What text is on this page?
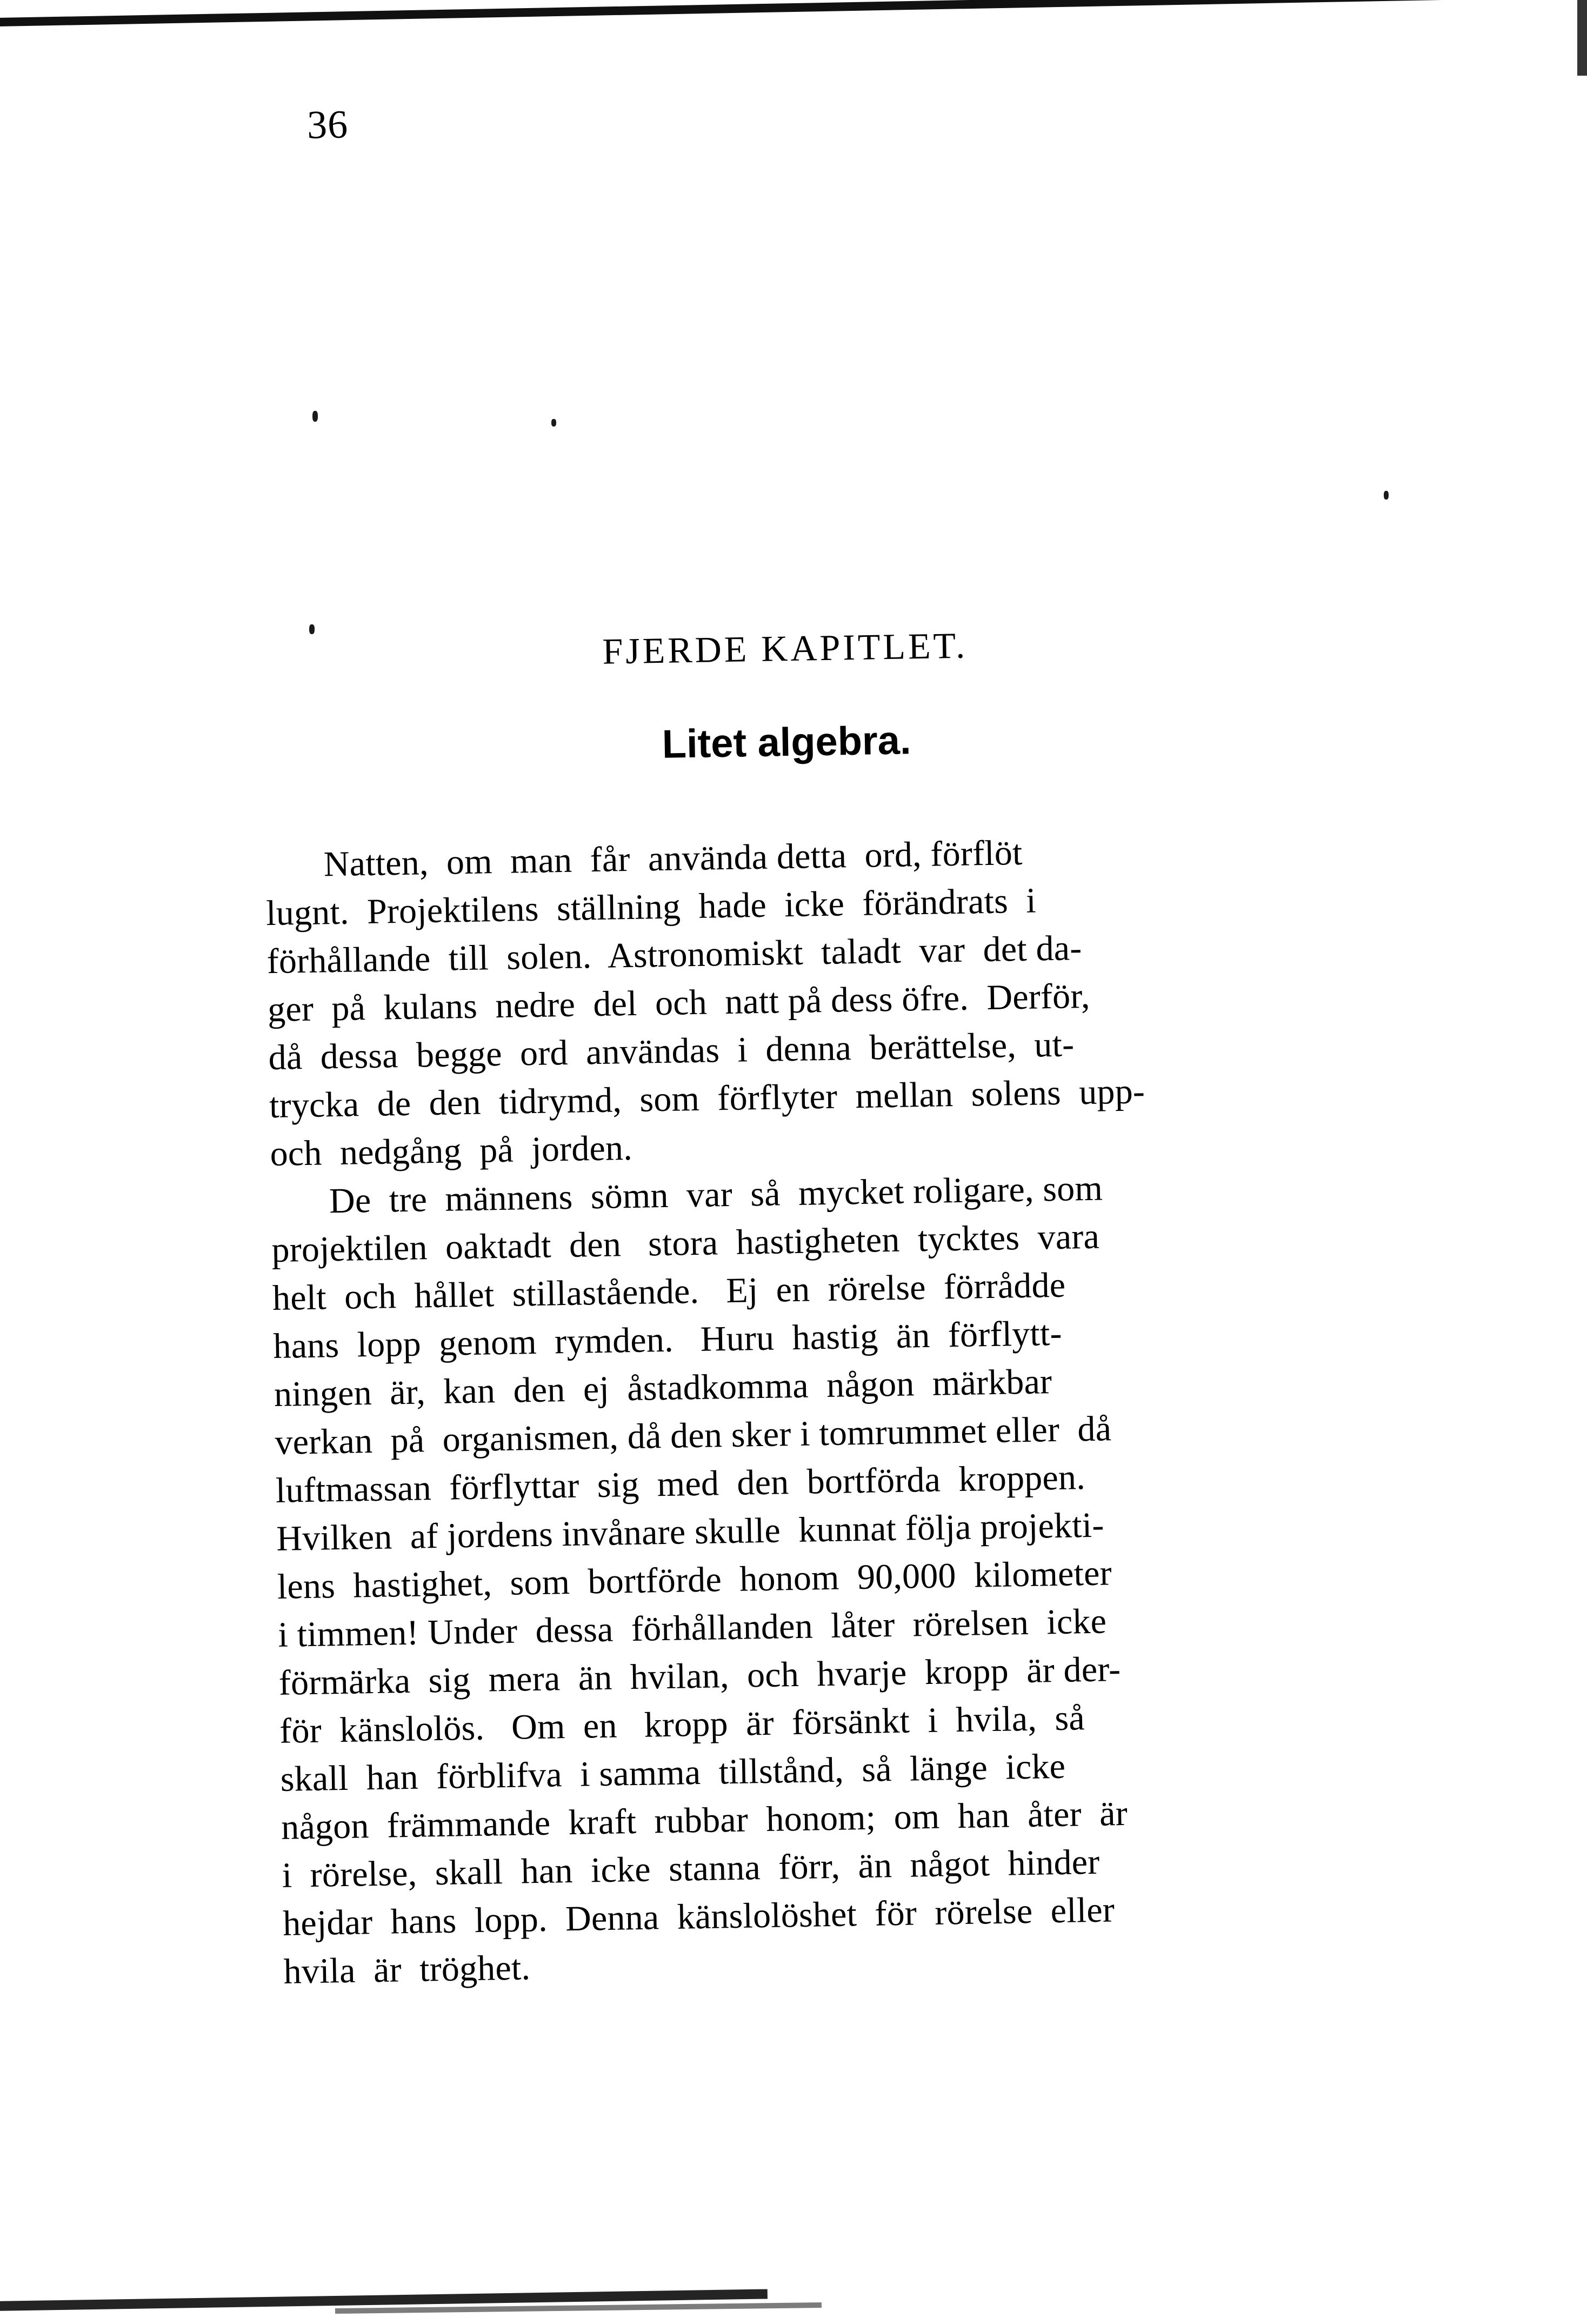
36
FJERDE KAPITLET.
Litet algebra.
Natten,  om  man  får  använda detta  ord, förflöt
lugnt.  Projektilens  ställning  hade  icke  förändrats  i
förhållande  till  solen.  Astronomiskt  taladt  var  det da-
ger  på  kulans  nedre  del  och  natt på dess öfre.  Derför,
då  dessa  begge  ord  användas  i  denna  berättelse,  ut-
trycka  de  den  tidrymd,  som  förflyter  mellan  solens  upp-
och  nedgång  på  jorden.
De  tre  männens  sömn  var  så  mycket roligare, som
projektilen  oaktadt  den   stora  hastigheten  tycktes  vara
helt  och  hållet  stillastående.   Ej  en  rörelse  förrådde
hans  lopp  genom  rymden.   Huru  hastig  än  förflytt-
ningen  är,  kan  den  ej  åstadkomma  någon  märkbar
verkan  på  organismen, då den sker i tomrummet eller  då
luftmassan  förflyttar  sig  med  den  bortförda  kroppen.
Hvilken  af jordens invånare skulle  kunnat följa projekti-
lens  hastighet,  som  bortförde  honom  90,000  kilometer
i timmen! Under  dessa  förhållanden  låter  rörelsen  icke
förmärka  sig  mera  än  hvilan,  och  hvarje  kropp  är der-
för  känslolös.   Om  en   kropp  är  försänkt  i  hvila,  så
skall  han  förblifva  i samma  tillstånd,  så  länge  icke
någon  främmande  kraft  rubbar  honom;  om  han  åter  är
i  rörelse,  skall  han  icke  stanna  förr,  än  något  hinder
hejdar  hans  lopp.  Denna  känslolöshet  för  rörelse  eller
hvila  är  tröghet.
